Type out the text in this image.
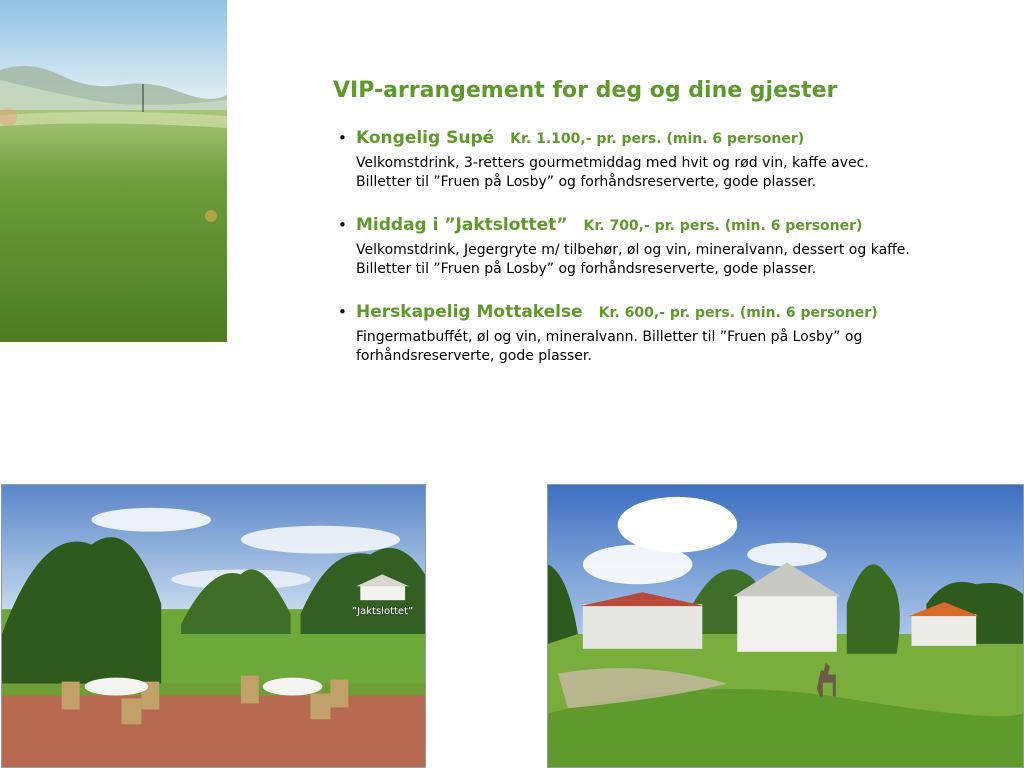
VIP-arrangement for deg og dine gjester
• Kongelig Supé Kr. 1.100,- pr. pers. (min. 6 personer)
Velkomstdrink, 3-retters gourmetmiddag med hvit og rød vin, kaffe avec.
Billetter til ”Fruen på Losby” og forhåndsreserverte, gode plasser.
• Middag i ”Jaktslottet” Kr. 700,- pr. pers. (min. 6 personer)
Velkomstdrink, Jegergryte m/ tilbehør, øl og vin, mineralvann, dessert og kaffe.
Billetter til ”Fruen på Losby” og forhåndsreserverte, gode plasser.
• Herskapelig Mottakelse Kr. 600,- pr. pers. (min. 6 personer)
Fingermatbuffét, øl og vin, mineralvann. Billetter til ”Fruen på Losby” og
forhåndsreserverte, gode plasser.
”Jaktslottet”
